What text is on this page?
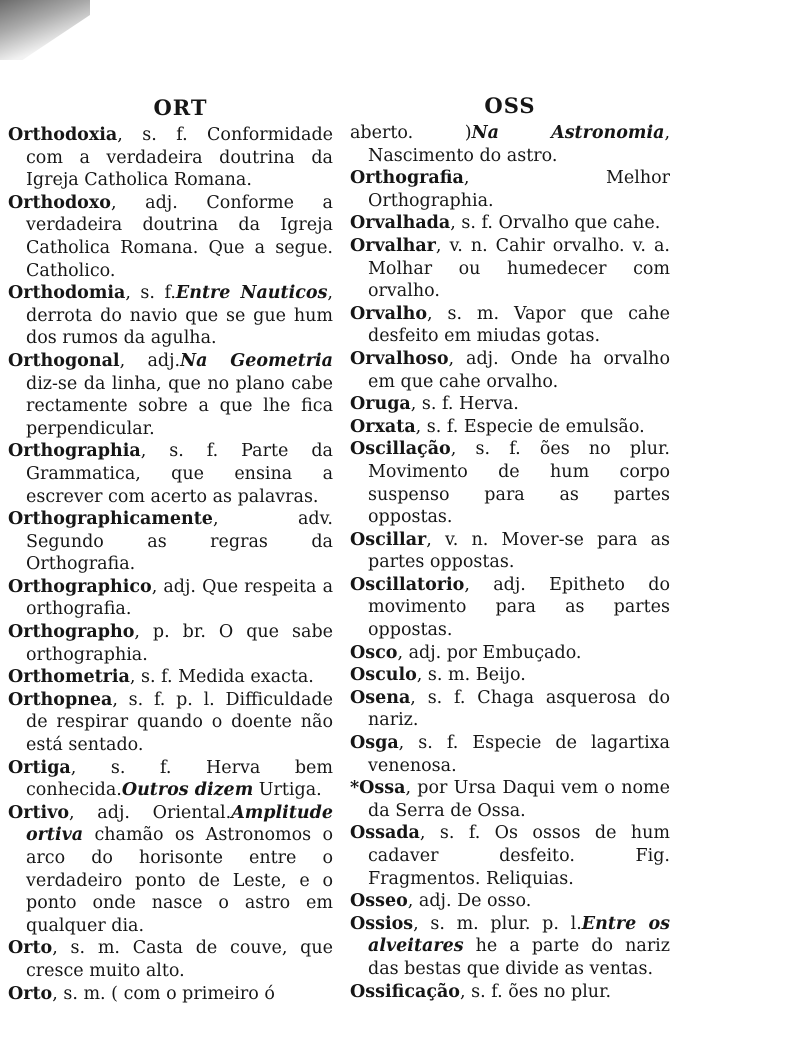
ORT

Orthodoxia, s. f. Conformidade com a verdadeira doutrina da Igreja Catholica Romana.

Orthodoxo, adj. Conforme a verdadeira doutrina da Igreja Catholica Romana. Que a segue. Catholico.

Orthodomia, s. f.Entre Nauticos, derrota do navio que se gue hum dos rumos da agulha.

Orthogonal, adj.Na Geometria diz-se da linha, que no plano cabe rectamente sobre a que lhe fica perpendicular.

Orthographia, s. f. Parte da Grammatica, que ensina a escrever com acerto as palavras.

Orthographicamente, adv. Segundo as regras da Orthografia.

Orthographico, adj. Que respeita a orthografia.

Orthographo, p. br. O que sabe orthographia.

Orthometria, s. f. Medida exacta.

Orthopnea, s. f. p. l. Difficuldade de respirar quando o doente não está sentado.

Ortiga, s. f. Herva bem conhecida.Outros dizem Urtiga.

Ortivo, adj. Oriental.Amplitude ortiva chamão os Astronomos o arco do horisonte entre o verdadeiro ponto de Leste, e o ponto onde nasce o astro em qualquer dia.

Orto, s. m. Casta de couve, que cresce muito alto.

Orto, s. m. ( com o primeiro ó

OSS

aberto. )Na Astronomia, Nascimento do astro.

Orthografia, Melhor Orthographia.

Orvalhada, s. f. Orvalho que cahe.

Orvalhar, v. n. Cahir orvalho. v. a. Molhar ou humedecer com orvalho.

Orvalho, s. m. Vapor que cahe desfeito em miudas gotas.

Orvalhoso, adj. Onde ha orvalho em que cahe orvalho.

Oruga, s. f. Herva.

Orxata, s. f. Especie de emulsão.

Oscillação, s. f. ões no plur. Movimento de hum corpo suspenso para as partes oppostas.

Oscillar, v. n. Mover-se para as partes oppostas.

Oscillatorio, adj. Epitheto do movimento para as partes oppostas.

Osco, adj. por Embuçado.

Osculo, s. m. Beijo.

Osena, s. f. Chaga asquerosa do nariz.

Osga, s. f. Especie de lagartixa venenosa.

*Ossa, por Ursa Daqui vem o nome da Serra de Ossa.

Ossada, s. f. Os ossos de hum cadaver desfeito. Fig. Fragmentos. Reliquias.

Osseo, adj. De osso.

Ossios, s. m. plur. p. l.Entre os alveitares he a parte do nariz das bestas que divide as ventas.

Ossificação, s. f. ões no plur.
